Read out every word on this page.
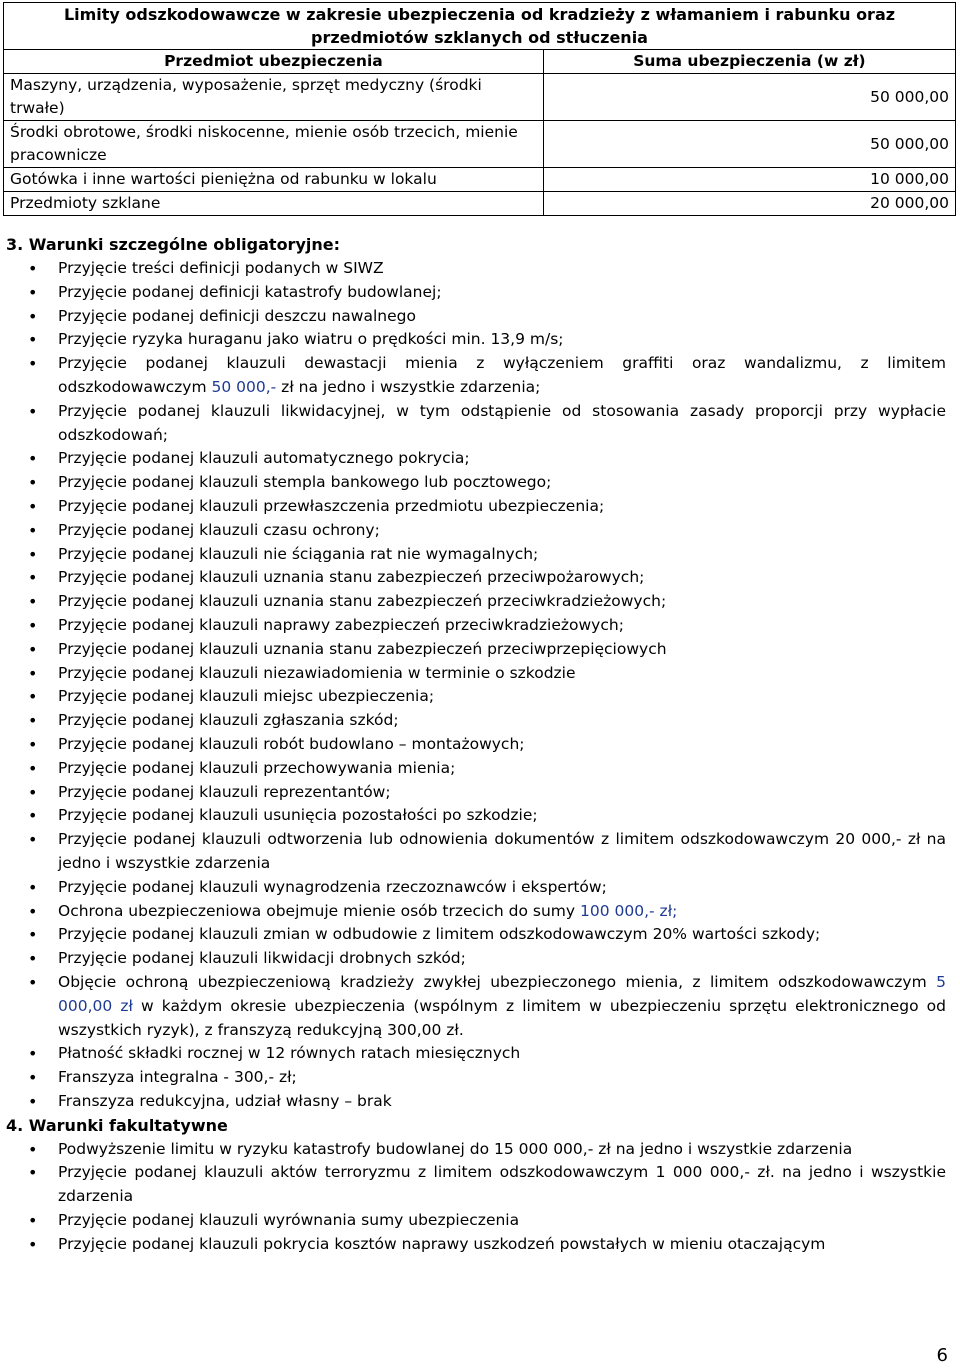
Limity odszkodowawcze w zakresie ubezpieczenia od kradzieży z włamaniem i rabunku oraz przedmiotów szklanych od stłuczenia	
Przedmiot ubezpieczenia	Suma ubezpieczenia (w zł)
Maszyny, urządzenia, wyposażenie, sprzęt medyczny (środki trwałe)	50 000,00
Środki obrotowe, środki niskocenne, mienie osób trzecich, mienie pracownicze	50 000,00
Gotówka i inne wartości pieniężna od rabunku w lokalu	10 000,00
Przedmioty szklane	20 000,00
3. Warunki szczególne obligatoryjne:
• Przyjęcie treści definicji podanych w SIWZ
• Przyjęcie podanej definicji katastrofy budowlanej;
• Przyjęcie podanej definicji deszczu nawalnego
• Przyjęcie ryzyka huraganu jako wiatru o prędkości min. 13,9 m/s;
• Przyjęcie podanej klauzuli dewastacji mienia z wyłączeniem graffiti oraz wandalizmu, z limitem odszkodowawczym 50 000,- zł na jedno i wszystkie zdarzenia;
• Przyjęcie podanej klauzuli likwidacyjnej, w tym odstąpienie od stosowania zasady proporcji przy wypłacie odszkodowań;
• Przyjęcie podanej klauzuli automatycznego pokrycia;
• Przyjęcie podanej klauzuli stempla bankowego lub pocztowego;
• Przyjęcie podanej klauzuli przewłaszczenia przedmiotu ubezpieczenia;
• Przyjęcie podanej klauzuli czasu ochrony;
• Przyjęcie podanej klauzuli nie ściągania rat nie wymagalnych;
• Przyjęcie podanej klauzuli uznania stanu zabezpieczeń przeciwpożarowych;
• Przyjęcie podanej klauzuli uznania stanu zabezpieczeń przeciwkradzieżowych;
• Przyjęcie podanej klauzuli naprawy zabezpieczeń przeciwkradzieżowych;
• Przyjęcie podanej klauzuli uznania stanu zabezpieczeń przeciwprzepięciowych
• Przyjęcie podanej klauzuli niezawiadomienia w terminie o szkodzie
• Przyjęcie podanej klauzuli miejsc ubezpieczenia;
• Przyjęcie podanej klauzuli zgłaszania szkód;
• Przyjęcie podanej klauzuli robót budowlano – montażowych;
• Przyjęcie podanej klauzuli przechowywania mienia;
• Przyjęcie podanej klauzuli reprezentantów;
• Przyjęcie podanej klauzuli usunięcia pozostałości po szkodzie;
• Przyjęcie podanej klauzuli odtworzenia lub odnowienia dokumentów z limitem odszkodowawczym 20 000,- zł na jedno i wszystkie zdarzenia
• Przyjęcie podanej klauzuli wynagrodzenia rzeczoznawców i ekspertów;
• Ochrona ubezpieczeniowa obejmuje mienie osób trzecich do sumy 100 000,- zł;
• Przyjęcie podanej klauzuli zmian w odbudowie z limitem odszkodowawczym 20% wartości szkody;
• Przyjęcie podanej klauzuli likwidacji drobnych szkód;
• Objęcie ochroną ubezpieczeniową kradzieży zwykłej ubezpieczonego mienia, z limitem odszkodowawczym 5 000,00 zł w każdym okresie ubezpieczenia (wspólnym z limitem w ubezpieczeniu sprzętu elektronicznego od wszystkich ryzyk), z franszyzą redukcyjną 300,00 zł.
• Płatność składki rocznej w 12 równych ratach miesięcznych
• Franszyza integralna - 300,- zł;
• Franszyza redukcyjna, udział własny – brak
4. Warunki fakultatywne
• Podwyższenie limitu w ryzyku katastrofy budowlanej do 15 000 000,- zł na jedno i wszystkie zdarzenia
• Przyjęcie podanej klauzuli aktów terroryzmu z limitem odszkodowawczym 1 000 000,- zł. na jedno i wszystkie zdarzenia
• Przyjęcie podanej klauzuli wyrównania sumy ubezpieczenia
• Przyjęcie podanej klauzuli pokrycia kosztów naprawy uszkodzeń powstałych w mieniu otaczającym
6
